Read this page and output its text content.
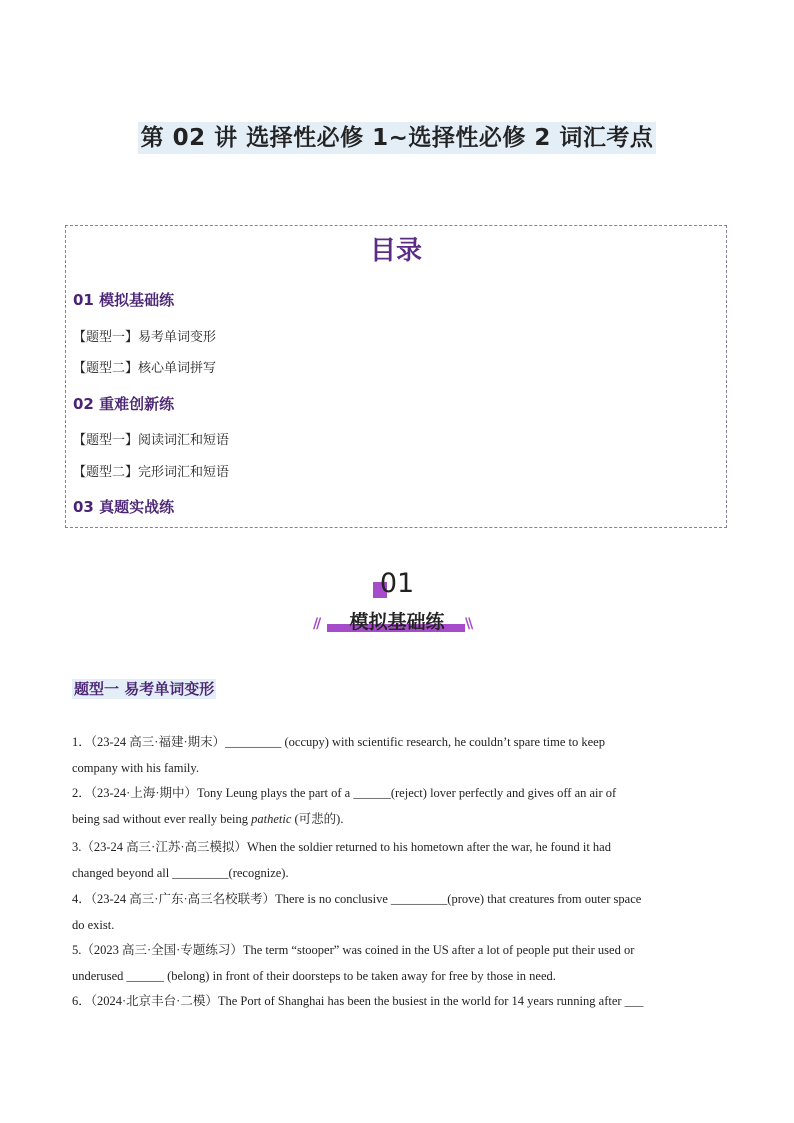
第 02 讲 选择性必修 1~选择性必修 2 词汇考点
目录
01 模拟基础练
【题型一】易考单词变形
【题型二】核心单词拼写
02 重难创新练
【题型一】阅读词汇和短语
【题型二】完形词汇和短语
03 真题实战练
01
模拟基础练
//	\\
题型一 易考单词变形
1．（23-24 高三·福建·期末）_________ (occupy) with scientific research, he couldn’t spare time to keep
company with his family.
2．（23-24·上海·期中）Tony Leung plays the part of a ______(reject) lover perfectly and gives off an air of
being sad without ever really being pathetic (可悲的).
3.（23-24 高三·江苏·高三模拟）When the soldier returned to his hometown after the war, he found it had
changed beyond all _________(recognize).
4．（23-24 高三·广东·高三名校联考）There is no conclusive _________(prove) that creatures from outer space
do exist.
5.（2023 高三·全国·专题练习）The term “stooper” was coined in the US after a lot of people put their used or
underused ______ (belong) in front of their doorsteps to be taken away for free by those in need.
6．（2024·北京丰台·二模）The Port of Shanghai has been the busiest in the world for 14 years running after ___
